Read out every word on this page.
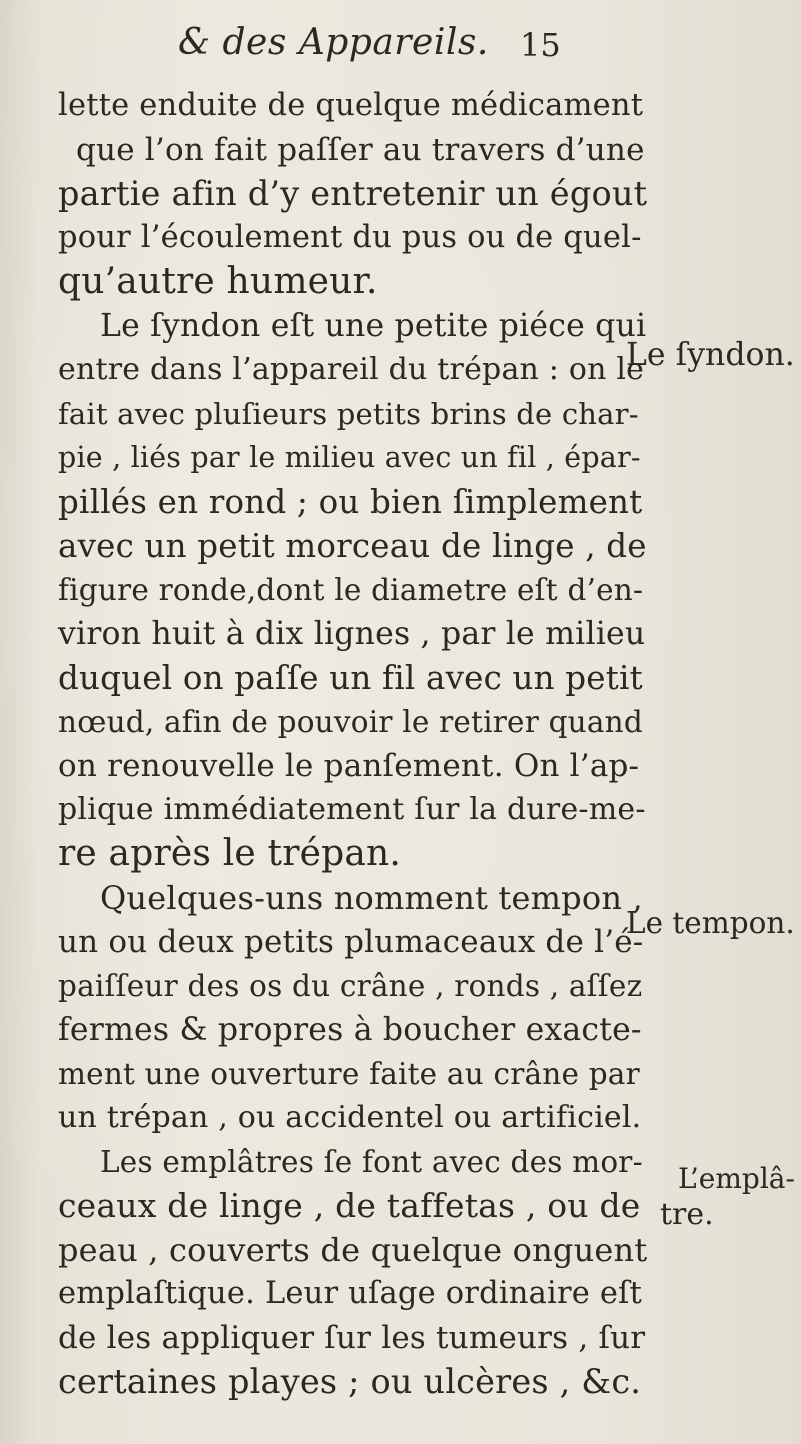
& des Appareils. 15
lette enduite de quelque médicament
que l’on fait paſſer au travers d’une
partie afin d’y entretenir un égout
pour l’écoulement du pus ou de quel-
qu’autre humeur.
Le ſyndon eſt une petite piéce qui
entre dans l’appareil du trépan : on le
fait avec pluſieurs petits brins de char-
pie , liés par le milieu avec un fil , épar-
pillés en rond ; ou bien ſimplement
avec un petit morceau de linge , de
figure ronde,dont le diametre eſt d’en-
viron huit à dix lignes , par le milieu
duquel on paſſe un fil avec un petit
nœud, afin de pouvoir le retirer quand
on renouvelle le panſement. On l’ap-
plique immédiatement ſur la dure-me-
re après le trépan.
Quelques-uns nomment tempon ,
un ou deux petits plumaceaux de l’é-
paiſſeur des os du crâne , ronds , aſſez
fermes & propres à boucher exacte-
ment une ouverture faite au crâne par
un trépan , ou accidentel ou artificiel.
Les emplâtres ſe font avec des mor-
ceaux de linge , de taffetas , ou de
peau , couverts de quelque onguent
emplaſtique. Leur uſage ordinaire eſt
de les appliquer ſur les tumeurs , ſur
certaines playes ; ou ulcères , &c.
Le ſyndon.
Le tempon.
L’emplâ-
tre.
